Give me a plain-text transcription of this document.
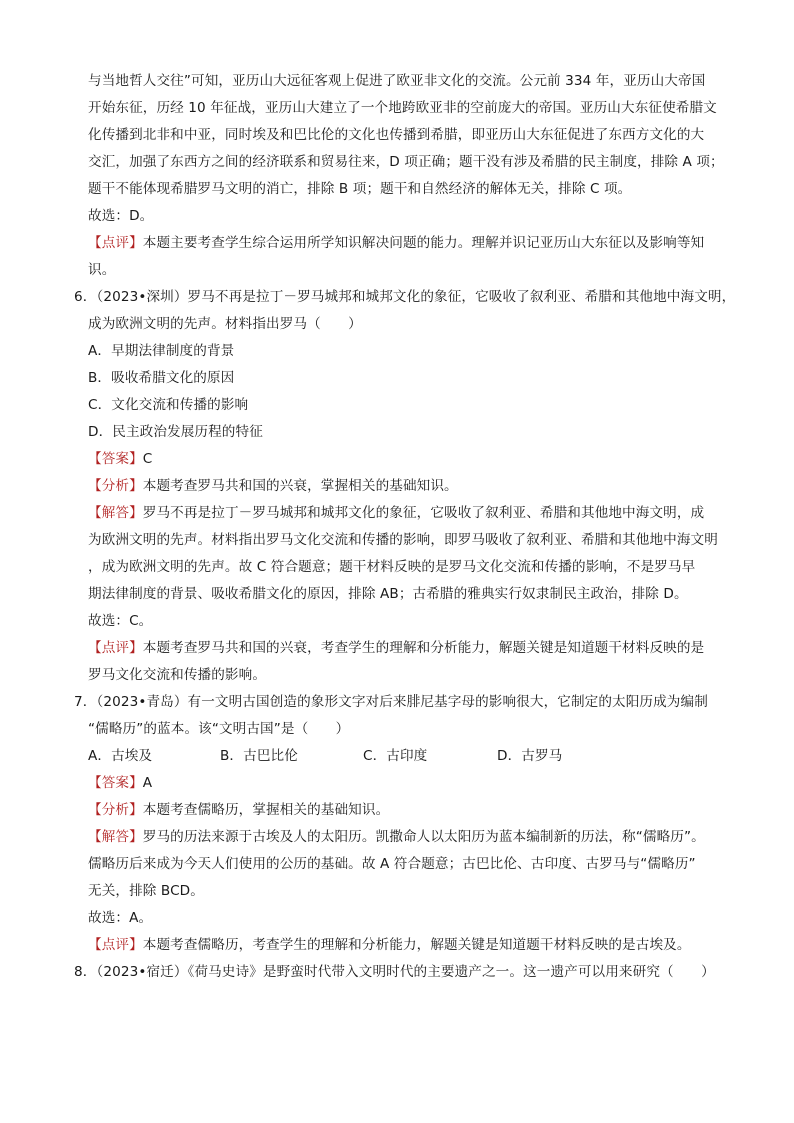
与当地哲人交往”可知，亚历山大远征客观上促进了欧亚非文化的交流。公元前 334 年，亚历山大帝国
开始东征，历经 10 年征战，亚历山大建立了一个地跨欧亚非的空前庞大的帝国。亚历山大东征使希腊文
化传播到北非和中亚，同时埃及和巴比伦的文化也传播到希腊，即亚历山大东征促进了东西方文化的大
交汇，加强了东西方之间的经济联系和贸易往来，D 项正确；题干没有涉及希腊的民主制度，排除 A 项；
题干不能体现希腊罗马文明的消亡，排除 B 项；题干和自然经济的解体无关，排除 C 项。
故选：D。
【点评】本题主要考查学生综合运用所学知识解决问题的能力。理解并识记亚历山大东征以及影响等知
识。
6．（2023•深圳）罗马不再是拉丁－罗马城邦和城邦文化的象征，它吸收了叙利亚、希腊和其他地中海文明，
成为欧洲文明的先声。材料指出罗马（　　）
A．早期法律制度的背景
B．吸收希腊文化的原因
C．文化交流和传播的影响
D．民主政治发展历程的特征
【答案】C
【分析】本题考查罗马共和国的兴衰，掌握相关的基础知识。
【解答】罗马不再是拉丁－罗马城邦和城邦文化的象征，它吸收了叙利亚、希腊和其他地中海文明，成
为欧洲文明的先声。材料指出罗马文化交流和传播的影响，即罗马吸收了叙利亚、希腊和其他地中海文明
，成为欧洲文明的先声。故 C 符合题意；题干材料反映的是罗马文化交流和传播的影响，不是罗马早
期法律制度的背景、吸收希腊文化的原因，排除 AB；古希腊的雅典实行奴隶制民主政治，排除 D。
故选：C。
【点评】本题考查罗马共和国的兴衰，考查学生的理解和分析能力，解题关键是知道题干材料反映的是
罗马文化交流和传播的影响。
7．（2023•青岛）有一文明古国创造的象形文字对后来腓尼基字母的影响很大，它制定的太阳历成为编制
“儒略历”的蓝本。该“文明古国”是（　　）
A．古埃及	B．古巴比伦	C．古印度	D．古罗马
【答案】A
【分析】本题考查儒略历，掌握相关的基础知识。
【解答】罗马的历法来源于古埃及人的太阳历。凯撒命人以太阳历为蓝本编制新的历法，称“儒略历”。
儒略历后来成为今天人们使用的公历的基础。故 A 符合题意；古巴比伦、古印度、古罗马与“儒略历”
无关，排除 BCD。
故选：A。
【点评】本题考查儒略历，考查学生的理解和分析能力，解题关键是知道题干材料反映的是古埃及。
8．（2023•宿迁）《荷马史诗》是野蛮时代带入文明时代的主要遗产之一。这一遗产可以用来研究（　　）
